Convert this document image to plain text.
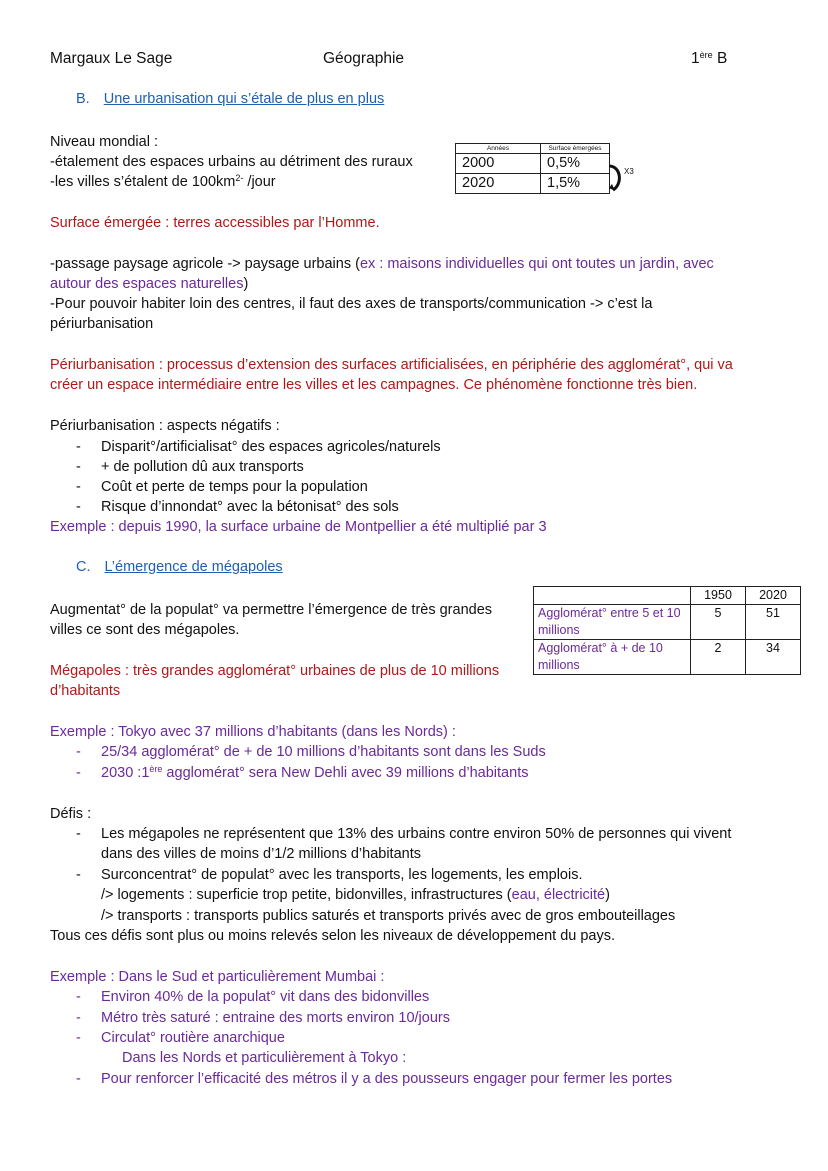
Margaux Le Sage	Géographie	1ère B
B. Une urbanisation qui s’étale de plus en plus
Niveau mondial :
-étalement des espaces urbains au détriment des ruraux
-les villes s’étalent de $100km^{2-}$ /jour
Années	Surface émergées
2000	0,5%
2020	1,5%
X3
Surface émergée : terres accessibles par l’Homme.
-passage paysage agricole -> paysage urbains (ex : maisons individuelles qui ont toutes un jardin, avec
autour des espaces naturelles)
-Pour pouvoir habiter loin des centres, il faut des axes de transports/communication -> c’est la
périurbanisation
Périurbanisation : processus d’extension des surfaces artificialisées, en périphérie des agglomérat°, qui va
créer un espace intermédiaire entre les villes et les campagnes. Ce phénomène fonctionne très bien.
Périurbanisation : aspects négatifs :
- Disparit°/artificialisat° des espaces agricoles/naturels
- + de pollution dû aux transports
- Coût et perte de temps pour la population
- Risque d’innondat° avec la bétonisat° des sols
Exemple : depuis 1990, la surface urbaine de Montpellier a été multiplié par 3
C. L’émergence de mégapoles
Augmentat° de la populat° va permettre l’émergence de très grandes
villes ce sont des mégapoles.
Mégapoles : très grandes agglomérat° urbaines de plus de 10 millions
d’habitants
	1950	2020
Agglomérat° entre 5 et 10 millions	5	51
Agglomérat° à + de 10 millions	2	34
Exemple : Tokyo avec 37 millions d’habitants (dans les Nords) :
- 25/34 agglomérat° de + de 10 millions d’habitants sont dans les Suds
- 2030 :1ère agglomérat° sera New Dehli avec 39 millions d’habitants
Défis :
- Les mégapoles ne représentent que 13% des urbains contre environ 50% de personnes qui vivent
dans des villes de moins d’1/2 millions d’habitants
- Surconcentrat° de populat° avec les transports, les logements, les emplois.
/> logements : superficie trop petite, bidonvilles, infrastructures (eau, électricité)
/> transports : transports publics saturés et transports privés avec de gros embouteillages
Tous ces défis sont plus ou moins relevés selon les niveaux de développement du pays.
Exemple : Dans le Sud et particulièrement Mumbai :
- Environ 40% de la populat° vit dans des bidonvilles
- Métro très saturé : entraine des morts environ 10/jours
- Circulat° routière anarchique
Dans les Nords et particulièrement à Tokyo :
- Pour renforcer l’efficacité des métros il y a des pousseurs engager pour fermer les portes
